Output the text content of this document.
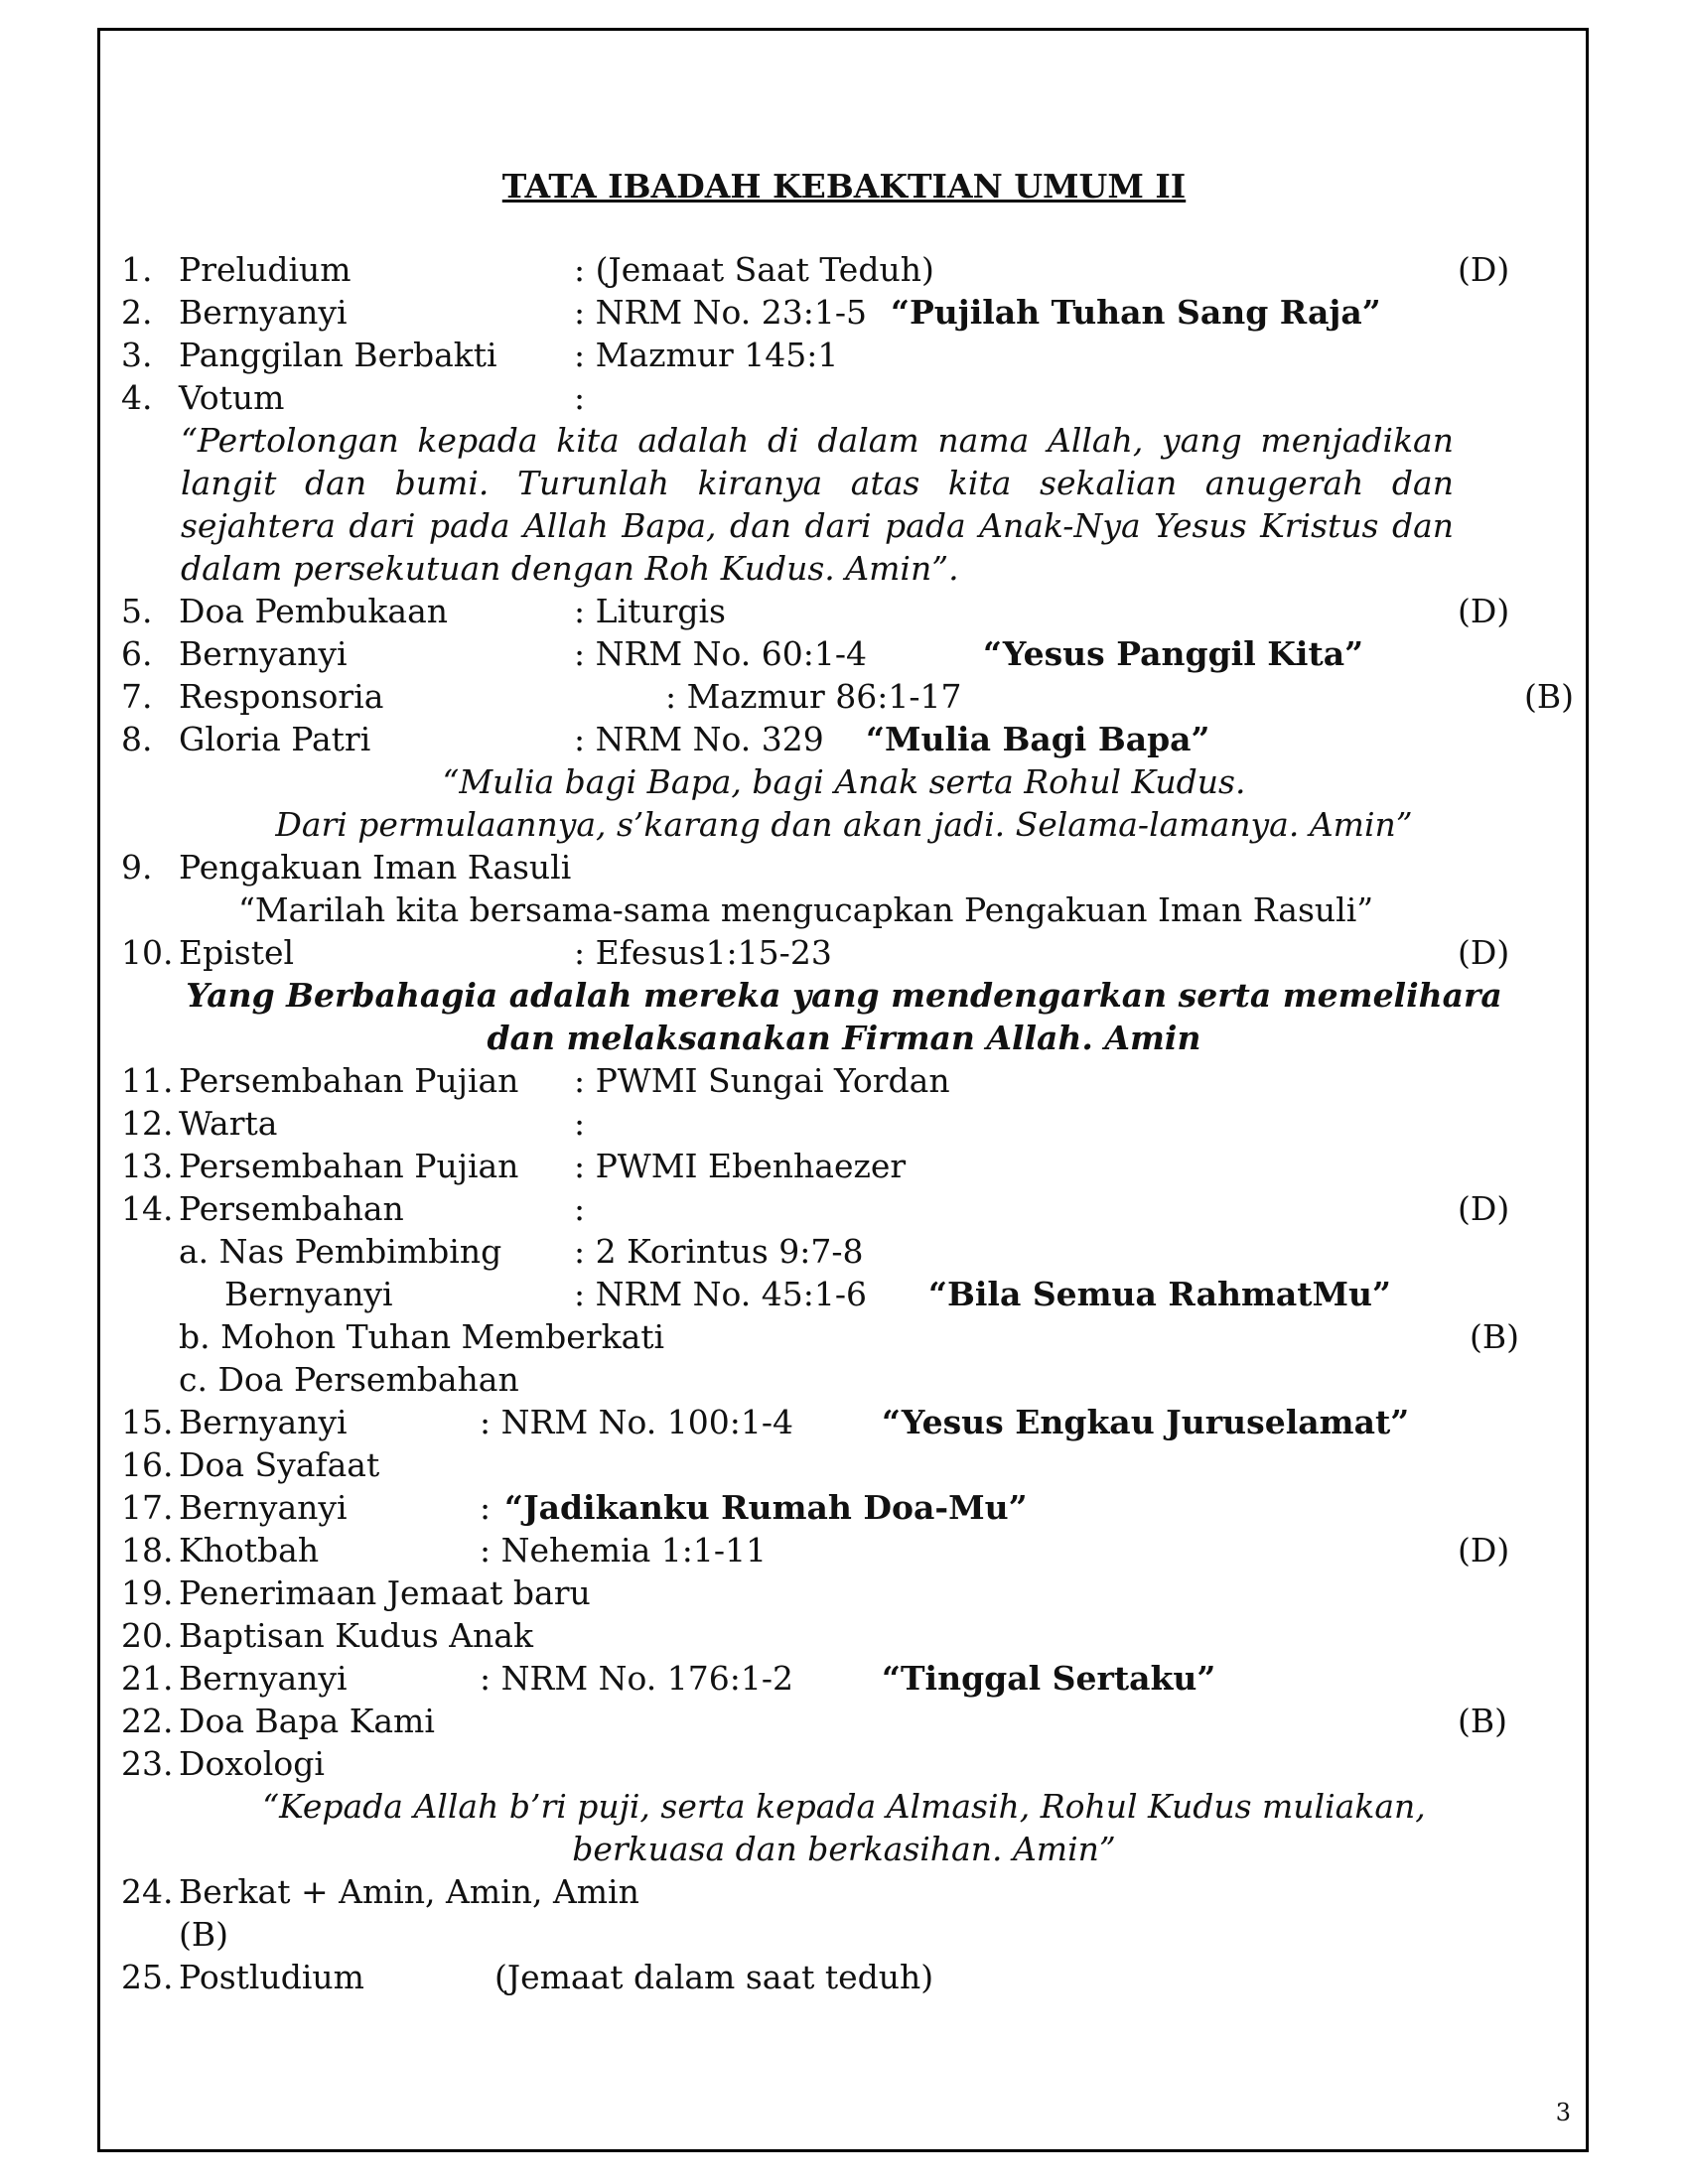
TATA IBADAH KEBAKTIAN UMUM II
1. Preludium	: (Jemaat Saat Teduh)	(D)
2. Bernyanyi	: NRM No. 23:1-5 “Pujilah Tuhan Sang Raja”
3. Panggilan Berbakti : Mazmur 145:1
4. Votum	:
“Pertolongan kepada kita adalah di dalam nama Allah, yang menjadikan langit dan bumi. Turunlah kiranya atas kita sekalian anugerah dan sejahtera dari pada Allah Bapa, dan dari pada Anak-Nya Yesus Kristus dan dalam persekutuan dengan Roh Kudus. Amin”.
5. Doa Pembukaan	: Liturgis	(D)
6. Bernyanyi	: NRM No. 60:1-4	“Yesus Panggil Kita”
7. Responsoria	: Mazmur 86:1-17	(B)
8. Gloria Patri	: NRM No. 329 “Mulia Bagi Bapa”
“Mulia bagi Bapa, bagi Anak serta Rohul Kudus.
Dari permulaannya, s’karang dan akan jadi. Selama-lamanya. Amin”
9. Pengakuan Iman Rasuli
“Marilah kita bersama-sama mengucapkan Pengakuan Iman Rasuli”
10. Epistel	: Efesus1:15-23	(D)
Yang Berbahagia adalah mereka yang mendengarkan serta memelihara
dan melaksanakan Firman Allah. Amin
11. Persembahan Pujian : PWMI Sungai Yordan
12. Warta	:
13. Persembahan Pujian : PWMI Ebenhaezer
14. Persembahan	:	(D)
a. Nas Pembimbing : 2 Korintus 9:7-8
Bernyanyi	: NRM No. 45:1-6 “Bila Semua RahmatMu”
b. Mohon Tuhan Memberkati	(B)
c. Doa Persembahan
15. Bernyanyi	: NRM No. 100:1-4	“Yesus Engkau Juruselamat”
16. Doa Syafaat
17. Bernyanyi	: “Jadikanku Rumah Doa-Mu”
18. Khotbah	: Nehemia 1:1-11	(D)
19. Penerimaan Jemaat baru
20. Baptisan Kudus Anak
21. Bernyanyi	: NRM No. 176:1-2	“Tinggal Sertaku”
22. Doa Bapa Kami	(B)
23. Doxologi
“Kepada Allah b’ri puji, serta kepada Almasih, Rohul Kudus muliakan,
berkuasa dan berkasihan. Amin”
24. Berkat + Amin, Amin, Amin
(B)
25. Postludium	(Jemaat dalam saat teduh)
3
